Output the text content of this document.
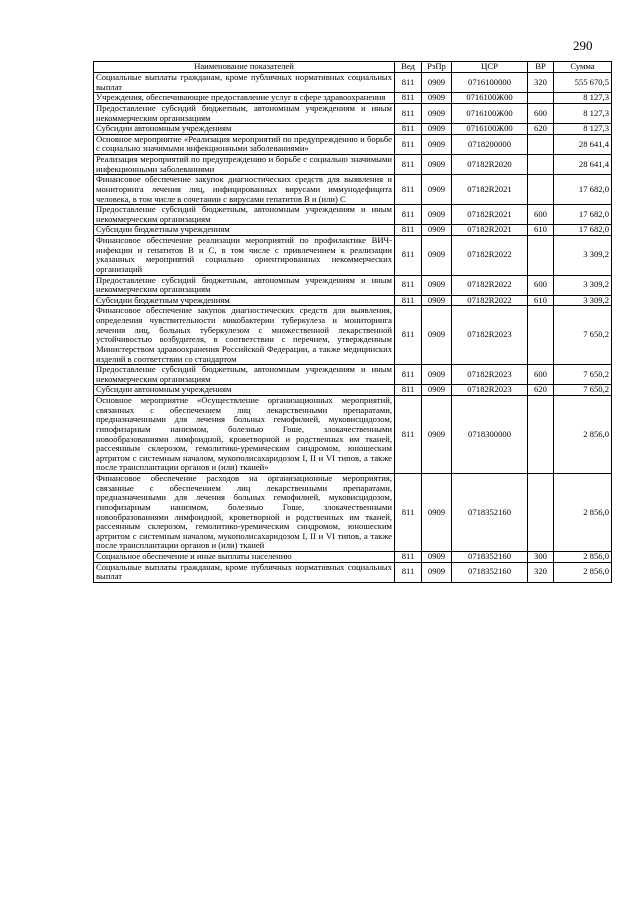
290
Наименование показателей	Вед	РзПр	ЦСР	ВР	Сумма
Социальные выплаты гражданам, кроме публичных нормативных социальных выплат	811	0909	0716100000	320	555 670,5
Учреждения, обеспечивающие предоставление услуг в сфере здравоохранения	811	0909	0716100Ж00		8 127,3
Предоставление субсидий бюджетным, автономным учреждениям и иным некоммерческим организациям	811	0909	0716100Ж00	600	8 127,3
Субсидии автономным учреждениям	811	0909	0716100Ж00	620	8 127,3
Основное мероприятие «Реализация мероприятий по предупреждению и борьбе с социально значимыми инфекционными заболеваниями»	811	0909	0718200000		28 641,4
Реализация мероприятий по предупреждению и борьбе с социально значимыми инфекционными заболеваниями	811	0909	07182R2020		28 641,4
Финансовое обеспечение закупок диагностических средств для выявления и мониторинга лечения лиц, инфицированных вирусами иммунодефицита человека, в том числе в сочетании с вирусами гепатитов В и (или) С	811	0909	07182R2021		17 682,0
Предоставление субсидий бюджетным, автономным учреждениям и иным некоммерческим организациям	811	0909	07182R2021	600	17 682,0
Субсидии бюджетным учреждениям	811	0909	07182R2021	610	17 682,0
Финансовое обеспечение реализации мероприятий по профилактике ВИЧ-инфекции и гепатитов В и С, в том числе с привлечением к реализации указанных мероприятий социально ориентированных некоммерческих организаций	811	0909	07182R2022		3 309,2
Предоставление субсидий бюджетным, автономным учреждениям и иным некоммерческим организациям	811	0909	07182R2022	600	3 309,2
Субсидии бюджетным учреждениям	811	0909	07182R2022	610	3 309,2
Финансовое обеспечение закупок диагностических средств для выявления, определения чувствительности микобактерии туберкулеза и мониторинга лечения лиц, больных туберкулезом с множественной лекарственной устойчивостью возбудителя, в соответствии с перечнем, утвержденным Министерством здравоохранения Российской Федерации, а также медицинских изделий в соответствии со стандартом	811	0909	07182R2023		7 650,2
Предоставление субсидий бюджетным, автономным учреждениям и иным некоммерческим организациям	811	0909	07182R2023	600	7 650,2
Субсидии автономным учреждениям	811	0909	07182R2023	620	7 650,2
Основное мероприятие «Осуществление организационных мероприятий, связанных с обеспечением лиц лекарственными препаратами, предназначенными для лечения больных гемофилией, муковисцидозом, гипофизарным нанизмом, болезнью Гоше, злокачественными новообразованиями лимфоидной, кроветворной и родственных им тканей, рассеянным склерозом, гемолитико-уремическим синдромом, юношеским артритом с системным началом, мукополисахаридозом I, II и VI типов, а также после трансплантации органов и (или) тканей»	811	0909	0718300000		2 856,0
Финансовое обеспечение расходов на организационные мероприятия, связанные с обеспечением лиц лекарственными препаратами, предназначенными для лечения больных гемофилией, муковисцидозом, гипофизарным нанизмом, болезнью Гоше, злокачественными новообразованиями лимфоидной, кроветворной и родственных им тканей, рассеянным склерозом, гемолитико-уремическим синдромом, юношеским артритом с системным началом, мукополисахаридозом I, II и VI типов, а также после трансплантации органов и (или) тканей	811	0909	0718352160		2 856,0
Социальное обеспечение и иные выплаты населению	811	0909	0718352160	300	2 856,0
Социальные выплаты гражданам, кроме публичных нормативных социальных выплат	811	0909	0718352160	320	2 856,0
